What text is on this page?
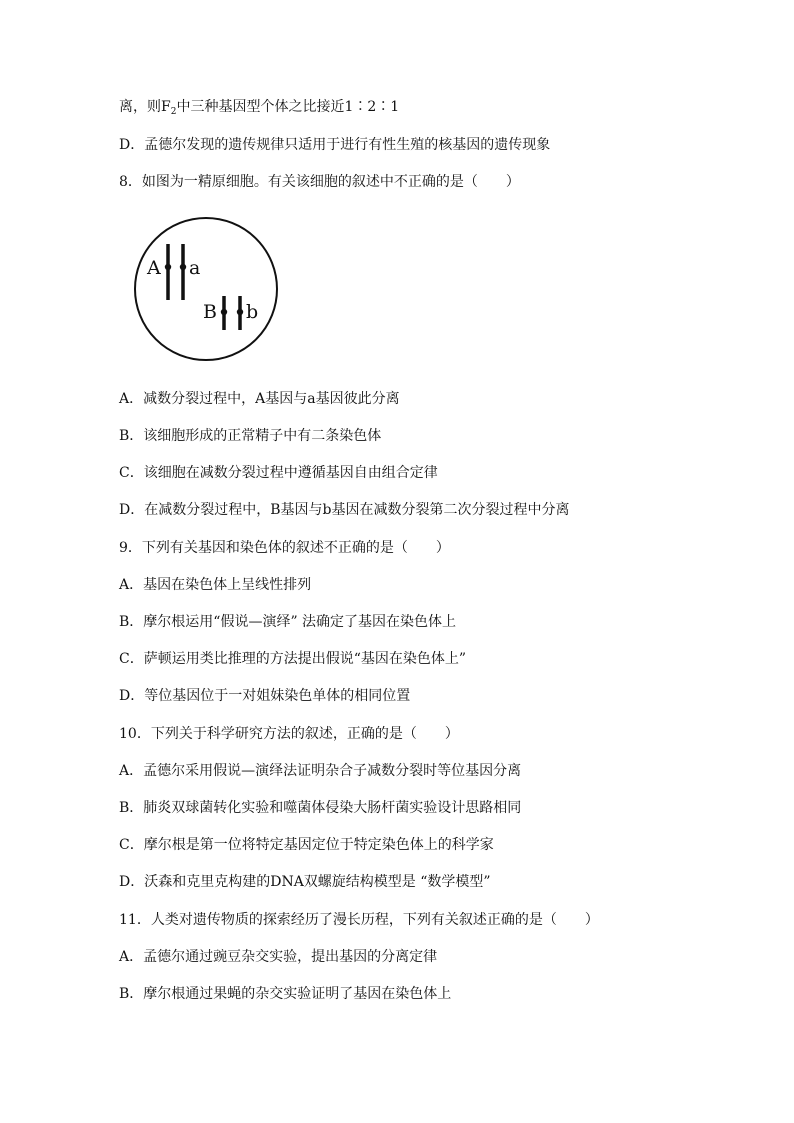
离，则$F_2$中三种基因型个体之比接近1∶2∶1
D．孟德尔发现的遗传规律只适用于进行有性生殖的核基因的遗传现象
8．如图为一精原细胞。有关该细胞的叙述中不正确的是（　　）
A a
B b
A．减数分裂过程中，A基因与a基因彼此分离
B．该细胞形成的正常精子中有二条染色体
C．该细胞在减数分裂过程中遵循基因自由组合定律
D．在减数分裂过程中，B基因与b基因在减数分裂第二次分裂过程中分离
9．下列有关基因和染色体的叙述不正确的是（　　）
A．基因在染色体上呈线性排列
B．摩尔根运用“假说—演绎” 法确定了基因在染色体上
C．萨顿运用类比推理的方法提出假说“基因在染色体上”
D．等位基因位于一对姐妹染色单体的相同位置
10．下列关于科学研究方法的叙述，正确的是（　　）
A．孟德尔采用假说—演绎法证明杂合子减数分裂时等位基因分离
B．肺炎双球菌转化实验和噬菌体侵染大肠杆菌实验设计思路相同
C．摩尔根是第一位将特定基因定位于特定染色体上的科学家
D．沃森和克里克构建的DNA双螺旋结构模型是 “数学模型”
11．人类对遗传物质的探索经历了漫长历程，下列有关叙述正确的是（　　）
A．孟德尔通过豌豆杂交实验，提出基因的分离定律
B．摩尔根通过果蝇的杂交实验证明了基因在染色体上
